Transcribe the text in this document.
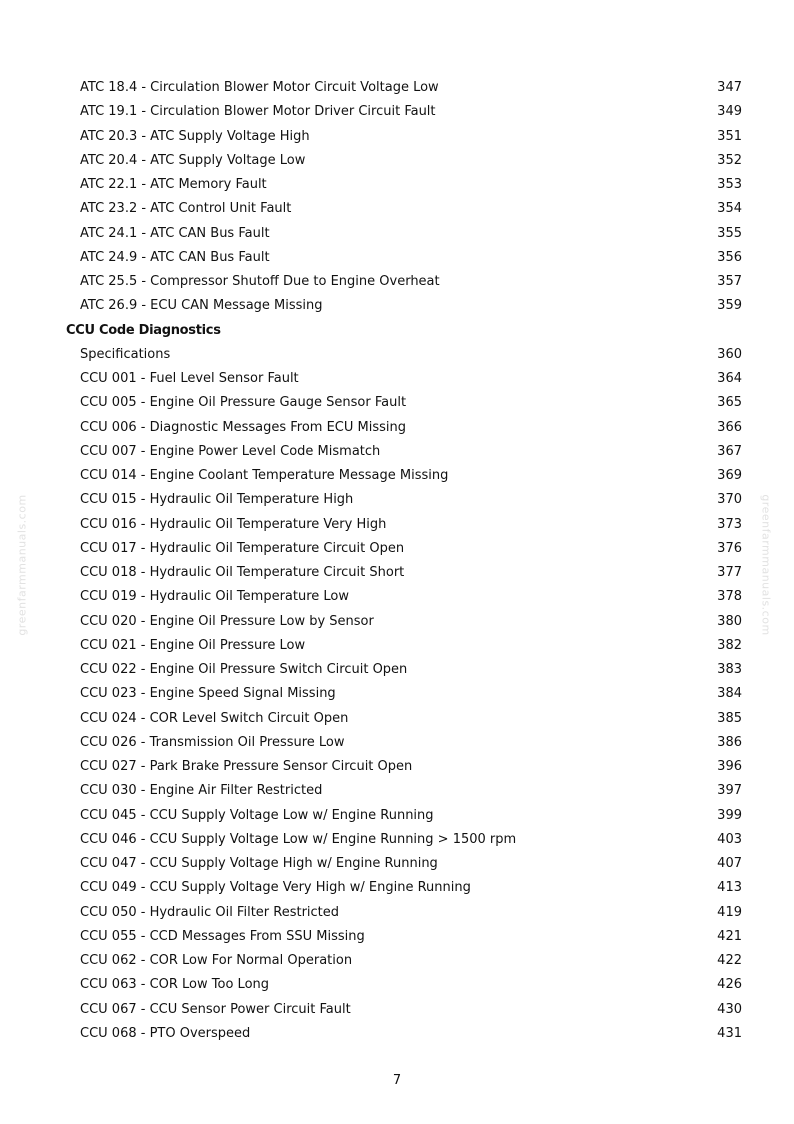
greenfarmmanuals.com	greenfarmmanuals.com
ATC 18.4 - Circulation Blower Motor Circuit Voltage Low	347
ATC 19.1 - Circulation Blower Motor Driver Circuit Fault	349
ATC 20.3 - ATC Supply Voltage High	351
ATC 20.4 - ATC Supply Voltage Low	352
ATC 22.1 - ATC Memory Fault	353
ATC 23.2 - ATC Control Unit Fault	354
ATC 24.1 - ATC CAN Bus Fault	355
ATC 24.9 - ATC CAN Bus Fault	356
ATC 25.5 - Compressor Shutoff Due to Engine Overheat	357
ATC 26.9 - ECU CAN Message Missing	359
CCU Code Diagnostics
Specifications	360
CCU 001 - Fuel Level Sensor Fault	364
CCU 005 - Engine Oil Pressure Gauge Sensor Fault	365
CCU 006 - Diagnostic Messages From ECU Missing	366
CCU 007 - Engine Power Level Code Mismatch	367
CCU 014 - Engine Coolant Temperature Message Missing	369
CCU 015 - Hydraulic Oil Temperature High	370
CCU 016 - Hydraulic Oil Temperature Very High	373
CCU 017 - Hydraulic Oil Temperature Circuit Open	376
CCU 018 - Hydraulic Oil Temperature Circuit Short	377
CCU 019 - Hydraulic Oil Temperature Low	378
CCU 020 - Engine Oil Pressure Low by Sensor	380
CCU 021 - Engine Oil Pressure Low	382
CCU 022 - Engine Oil Pressure Switch Circuit Open	383
CCU 023 - Engine Speed Signal Missing	384
CCU 024 - COR Level Switch Circuit Open	385
CCU 026 - Transmission Oil Pressure Low	386
CCU 027 - Park Brake Pressure Sensor Circuit Open	396
CCU 030 - Engine Air Filter Restricted	397
CCU 045 - CCU Supply Voltage Low w/ Engine Running	399
CCU 046 - CCU Supply Voltage Low w/ Engine Running > 1500 rpm	403
CCU 047 - CCU Supply Voltage High w/ Engine Running	407
CCU 049 - CCU Supply Voltage Very High w/ Engine Running	413
CCU 050 - Hydraulic Oil Filter Restricted	419
CCU 055 - CCD Messages From SSU Missing	421
CCU 062 - COR Low For Normal Operation	422
CCU 063 - COR Low Too Long	426
CCU 067 - CCU Sensor Power Circuit Fault	430
CCU 068 - PTO Overspeed	431
7
